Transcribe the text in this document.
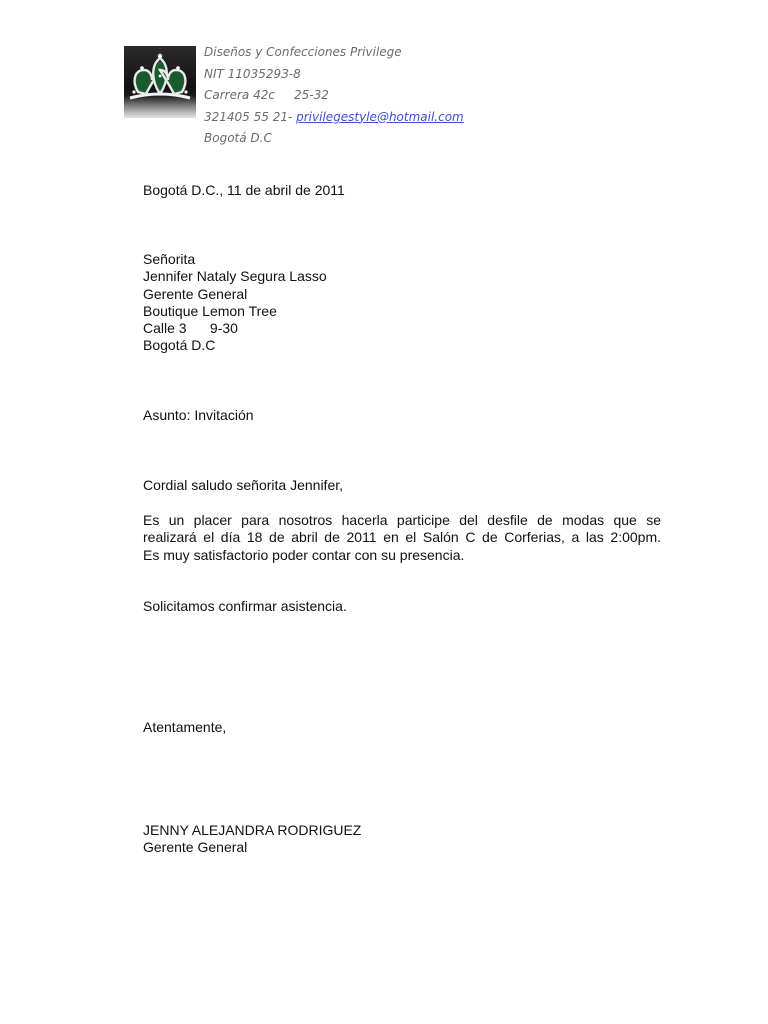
Diseños y Confecciones Privilege
NIT 1103529З-8
Carrera 42c     25-32
321405 55 21- privilegestyle@hotmail.com
Bogotá D.C
Bogotá D.C., 11 de abril de 2011
Señorita
Jennifer Nataly Segura Lasso
Gerente General
Boutique Lemon Tree
Calle 3      9-30
Bogotá D.C
Asunto: Invitación
Cordial saludo señorita Jennifer,
Es un placer para nosotros hacerla participe del desfile de modas que se
realizará el día 18 de abril de 2011 en el Salón C de Corferias, a las 2:00pm.
Es muy satisfactorio poder contar con su presencia.
Solicitamos confirmar asistencia.
Atentamente,
JENNY ALEJANDRA RODRIGUEZ
Gerente General
